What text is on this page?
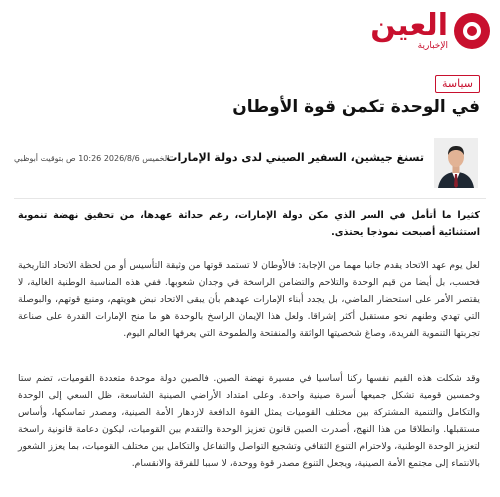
العين
الإخبارية
سياسة
في الوحدة تكمن قوة الأوطان
تسنغ جيشين، السفير الصيني لدى دولة الإمارات
الخميس 2026/8/6 10:26 ص بتوقيت أبوظبي

كثيرا ما أتأمل في السر الذي مكن دولة الإمارات، رغم حداثة عهدها، من تحقيق نهضة تنموية استثنائية أصبحت نموذجا يحتذى.

لعل يوم عهد الاتحاد يقدم جانبا مهما من الإجابة: فالأوطان لا تستمد قوتها من وثيقة التأسيس أو من لحظة الاتحاد التاريخية فحسب، بل أيضا من قيم الوحدة والتلاحم والتضامن الراسخة في وجدان شعوبها. ففي هذه المناسبة الوطنية الغالية، لا يقتصر الأمر على استحضار الماضي، بل يجدد أبناء الإمارات عهدهم بأن يبقى الاتحاد نبض هويتهم، ومنبع قوتهم، والبوصلة التي تهدي وطنهم نحو مستقبل أكثر إشراقا. ولعل هذا الإيمان الراسخ بالوحدة هو ما منح الإمارات القدرة على صناعة تجربتها التنموية الفريدة، وصاغ شخصيتها الواثقة والمنفتحة والطموحة التي يعرفها العالم اليوم.

وقد شكلت هذه القيم نفسها ركنا أساسيا في مسيرة نهضة الصين. فالصين دولة موحدة متعددة القوميات، تضم ستا وخمسين قومية تشكل جميعها أسرة صينية واحدة. وعلى امتداد الأراضي الصينية الشاسعة، ظل السعي إلى الوحدة والتكامل والتنمية المشتركة بين مختلف القوميات يمثل القوة الدافعة لازدهار الأمة الصينية، ومصدر تماسكها، وأساس مستقبلها. وانطلاقا من هذا النهج، أصدرت الصين قانون تعزيز الوحدة والتقدم بين القوميات، ليكون دعامة قانونية راسخة لتعزيز الوحدة الوطنية، ولاحترام التنوع الثقافي وتشجيع التواصل والتفاعل والتكامل بين مختلف القوميات، بما يعزز الشعور بالانتماء إلى مجتمع الأمة الصينية، ويجعل التنوع مصدر قوة ووحدة، لا سببا للفرقة والانقسام.
